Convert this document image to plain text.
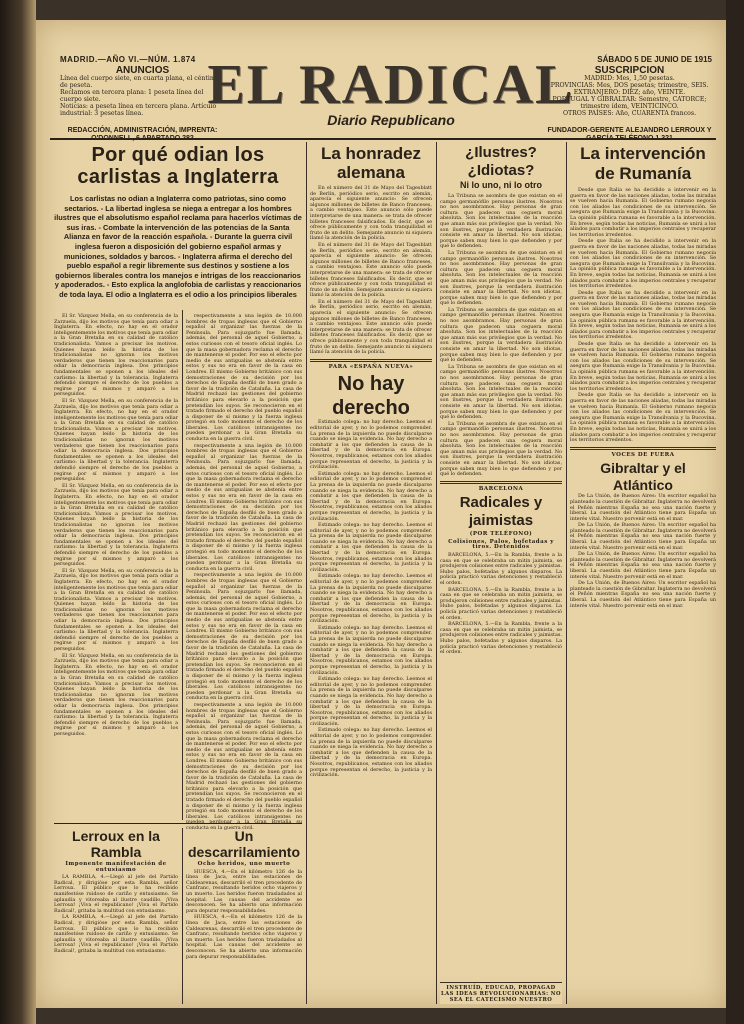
MADRID.—AÑO VI.—NÚM. 1.874
ANUNCIOS
Línea del cuerpo siete, en cuarta plana, el céntimos de peseta.
Reclamos en tercera plana: 1 peseta línea del cuerpo siete.
Noticias: a peseta línea en tercera plana. Artículo industrial: 3 pesetas línea.
REDACCIÓN, ADMINISTRACIÓN, IMPRENTA: O'DONNELL, 6 APARTADO 282
EL RADICAL
Diario Republicano
SÁBADO 5 DE JUNIO DE 1915
SUSCRIPCION
MADRID: Mes, 1,50 pesetas.
PROVINCIAS: Mes, DOS pesetas; trimestre, SEIS.
EXTRANJERO: DIEZ; año, VEINTE.
PORTUGAL Y GIBRALTAR: Semestre, CATORCE; trimestre ídem, VEINTICINCO.
OTROS PAÍSES: Año, CUARENTA francos.
FUNDADOR-GERENTE ALEJANDRO LERROUX Y GARCÍA TELÉFONO 1.321
Por qué odian los carlistas a Inglaterra
Los carlistas no odian a Inglaterra como patriotas, sino como sectarios. - La libertad inglesa se niega a entregar a los hombres ilustres que el absolutismo español reclama para hacerlos víctimas de sus iras. - Combate la intervención de las potencias de la Santa Alianza en favor de la reacción española. - Durante la guerra civil inglesa fueron a disposición del gobierno español armas y municiones, soldados y barcos. - Inglaterra afirma el derecho del pueblo español a regir libremente sus destinos y sostiene a los gobiernos liberales contra los manejos e intrigas de los reaccionarios y apoderados. - Esto explica la anglofobia de carlistas y reaccionarios de toda laya. El odio a Inglaterra es el odio a los principios liberales

El Sr. Vázquez Mella, en su conferencia de la Zarzuela, dijo los motivos que tenía para odiar a Inglaterra. En efecto, no hay en el orador inteligentemente los motivos que tenía para odiar a la Gran Bretaña en su calidad de católico tradicionalista. Vamos a precisar los motivos. Quienes hayan leído la historia de los tradicionalistas no ignoran los motivos verdaderos que tienen los reaccionarios para odiar la democracia inglesa. Dos principios fundamentales se oponen a los ideales del carlismo: la libertad y la tolerancia. Inglaterra defendió siempre el derecho de los pueblos a regirse por sí mismos y amparó a los perseguidos.

El Sr. Vázquez Mella, en su conferencia de la Zarzuela, dijo los motivos que tenía para odiar a Inglaterra. En efecto, no hay en el orador inteligentemente los motivos que tenía para odiar a la Gran Bretaña en su calidad de católico tradicionalista. Vamos a precisar los motivos. Quienes hayan leído la historia de los tradicionalistas no ignoran los motivos verdaderos que tienen los reaccionarios para odiar la democracia inglesa. Dos principios fundamentales se oponen a los ideales del carlismo: la libertad y la tolerancia. Inglaterra defendió siempre el derecho de los pueblos a regirse por sí mismos y amparó a los perseguidos.

El Sr. Vázquez Mella, en su conferencia de la Zarzuela, dijo los motivos que tenía para odiar a Inglaterra. En efecto, no hay en el orador inteligentemente los motivos que tenía para odiar a la Gran Bretaña en su calidad de católico tradicionalista. Vamos a precisar los motivos. Quienes hayan leído la historia de los tradicionalistas no ignoran los motivos verdaderos que tienen los reaccionarios para odiar la democracia inglesa. Dos principios fundamentales se oponen a los ideales del carlismo: la libertad y la tolerancia. Inglaterra defendió siempre el derecho de los pueblos a regirse por sí mismos y amparó a los perseguidos.

El Sr. Vázquez Mella, en su conferencia de la Zarzuela, dijo los motivos que tenía para odiar a Inglaterra. En efecto, no hay en el orador inteligentemente los motivos que tenía para odiar a la Gran Bretaña en su calidad de católico tradicionalista. Vamos a precisar los motivos. Quienes hayan leído la historia de los tradicionalistas no ignoran los motivos verdaderos que tienen los reaccionarios para odiar la democracia inglesa. Dos principios fundamentales se oponen a los ideales del carlismo: la libertad y la tolerancia. Inglaterra defendió siempre el derecho de los pueblos a regirse por sí mismos y amparó a los perseguidos.

El Sr. Vázquez Mella, en su conferencia de la Zarzuela, dijo los motivos que tenía para odiar a Inglaterra. En efecto, no hay en el orador inteligentemente los motivos que tenía para odiar a la Gran Bretaña en su calidad de católico tradicionalista. Vamos a precisar los motivos. Quienes hayan leído la historia de los tradicionalistas no ignoran los motivos verdaderos que tienen los reaccionarios para odiar la democracia inglesa. Dos principios fundamentales se oponen a los ideales del carlismo: la libertad y la tolerancia. Inglaterra defendió siempre el derecho de los pueblos a regirse por sí mismos y amparó a los perseguidos.

respectivamente a una legión de 10.000 hombres de tropas inglesas que el Gobierno español al organizar las fuerzas de la Península. Para sojuzgarlo fue llamada, además, del personal de aquel Gobierno, a estos curiosos con el tesoro oficial inglés. Lo que la masa gobernadora reclama el derecho de mantenerse el poder. Por eso el efecto por medio de sus antigualias se abstenía entre estos y sus no era en favor de la casa en Londres. El mismo Gobierno británico con sus demostraciones de su decisión por los derechos de España desfiló de buen grado a favor de la tradición de Cataluña. La casa de Madrid rechazó las gestiones del gobierno británico para elevarlo a la posición que pretendían los suyos. Se reconocieron en el tratado firmado el derecho del pueblo español a disponer de sí mismo y la fuerza inglesa protegió en todo momento el derecho de los liberales. Los católicos intransigentes no pueden perdonar a la Gran Bretaña su conducta en la guerra civil.

respectivamente a una legión de 10.000 hombres de tropas inglesas que el Gobierno español al organizar las fuerzas de la Península. Para sojuzgarlo fue llamada, además, del personal de aquel Gobierno, a estos curiosos con el tesoro oficial inglés. Lo que la masa gobernadora reclama el derecho de mantenerse el poder. Por eso el efecto por medio de sus antigualias se abstenía entre estos y sus no era en favor de la casa en Londres. El mismo Gobierno británico con sus demostraciones de su decisión por los derechos de España desfiló de buen grado a favor de la tradición de Cataluña. La casa de Madrid rechazó las gestiones del gobierno británico para elevarlo a la posición que pretendían los suyos. Se reconocieron en el tratado firmado el derecho del pueblo español a disponer de sí mismo y la fuerza inglesa protegió en todo momento el derecho de los liberales. Los católicos intransigentes no pueden perdonar a la Gran Bretaña su conducta en la guerra civil.

respectivamente a una legión de 10.000 hombres de tropas inglesas que el Gobierno español al organizar las fuerzas de la Península. Para sojuzgarlo fue llamada, además, del personal de aquel Gobierno, a estos curiosos con el tesoro oficial inglés. Lo que la masa gobernadora reclama el derecho de mantenerse el poder. Por eso el efecto por medio de sus antigualias se abstenía entre estos y sus no era en favor de la casa en Londres. El mismo Gobierno británico con sus demostraciones de su decisión por los derechos de España desfiló de buen grado a favor de la tradición de Cataluña. La casa de Madrid rechazó las gestiones del gobierno británico para elevarlo a la posición que pretendían los suyos. Se reconocieron en el tratado firmado el derecho del pueblo español a disponer de sí mismo y la fuerza inglesa protegió en todo momento el derecho de los liberales. Los católicos intransigentes no pueden perdonar a la Gran Bretaña su conducta en la guerra civil.

respectivamente a una legión de 10.000 hombres de tropas inglesas que el Gobierno español al organizar las fuerzas de la Península. Para sojuzgarlo fue llamada, además, del personal de aquel Gobierno, a estos curiosos con el tesoro oficial inglés. Lo que la masa gobernadora reclama el derecho de mantenerse el poder. Por eso el efecto por medio de sus antigualias se abstenía entre estos y sus no era en favor de la casa en Londres. El mismo Gobierno británico con sus demostraciones de su decisión por los derechos de España desfiló de buen grado a favor de la tradición de Cataluña. La casa de Madrid rechazó las gestiones del gobierno británico para elevarlo a la posición que pretendían los suyos. Se reconocieron en el tratado firmado el derecho del pueblo español a disponer de sí mismo y la fuerza inglesa protegió en todo momento el derecho de los liberales. Los católicos intransigentes no pueden perdonar a la Gran Bretaña su conducta en la guerra civil.

Lerroux en la Rambla
Imponente manifestación de entusiasmo

LA RAMBLA, 4.—Llegó al jefe del Partido Radical, y dirigióse por esta Rambla, señor Lerroux. El público que lo ha recibido manifestóse ruidoso de cariño y entusiasmo. Se aplaudía y vitoreaba al ilustre caudillo. ¡Viva Lerroux! ¡Viva el republicano! ¡Viva el Partido Radical!, gritaba la multitud con entusiasmo.

LA RAMBLA, 4.—Llegó al jefe del Partido Radical, y dirigióse por esta Rambla, señor Lerroux. El público que lo ha recibido manifestóse ruidoso de cariño y entusiasmo. Se aplaudía y vitoreaba al ilustre caudillo. ¡Viva Lerroux! ¡Viva el republicano! ¡Viva el Partido Radical!, gritaba la multitud con entusiasmo.

Un descarrilamiento
Ocho heridos, uno muerto

HUESCA, 4.—En el kilómetro 126 de la línea de Jaca, entre las estaciones de Caldearenas, descarriló el tren procedente de Canfranc, resultando heridos ocho viajeros y un muerto. Los heridos fueron trasladados al hospital. Las causas del accidente se desconocen. Se ha abierto una información para depurar responsabilidades.

HUESCA, 4.—En el kilómetro 126 de la línea de Jaca, entre las estaciones de Caldearenas, descarriló el tren procedente de Canfranc, resultando heridos ocho viajeros y un muerto. Los heridos fueron trasladados al hospital. Las causas del accidente se desconocen. Se ha abierto una información para depurar responsabilidades.

La honradez alemana

En el número del 31 de Mayo del Tagesblatt de Berlín, periódico serio, escrito en alemán, aparecía el siguiente anuncio: Se ofrecen algunos millones de billetes de Banco franceses, a cambio ventajoso. Este anuncio sólo puede interpretarse de una manera: se trata de ofrecer billetes franceses falsificados. Es decir, que se ofrece públicamente y con toda tranquilidad el fruto de un delito. Semejante anuncio ni siquiera llamó la atención de la policía.

En el número del 31 de Mayo del Tagesblatt de Berlín, periódico serio, escrito en alemán, aparecía el siguiente anuncio: Se ofrecen algunos millones de billetes de Banco franceses, a cambio ventajoso. Este anuncio sólo puede interpretarse de una manera: se trata de ofrecer billetes franceses falsificados. Es decir, que se ofrece públicamente y con toda tranquilidad el fruto de un delito. Semejante anuncio ni siquiera llamó la atención de la policía.

En el número del 31 de Mayo del Tagesblatt de Berlín, periódico serio, escrito en alemán, aparecía el siguiente anuncio: Se ofrecen algunos millones de billetes de Banco franceses, a cambio ventajoso. Este anuncio sólo puede interpretarse de una manera: se trata de ofrecer billetes franceses falsificados. Es decir, que se ofrece públicamente y con toda tranquilidad el fruto de un delito. Semejante anuncio ni siquiera llamó la atención de la policía.

PARA «ESPAÑA NUEVA»
No hay derecho

Estimado colega: no hay derecho. Leemos el editorial de ayer, y no lo podemos comprender. La prensa de la izquierda no puede disculparse cuando se niega la evidencia. No hay derecho a combatir a los que defienden la causa de la libertad y de la democracia en Europa. Nosotros, republicanos, estamos con los aliados porque representan el derecho, la justicia y la civilización.

Estimado colega: no hay derecho. Leemos el editorial de ayer, y no lo podemos comprender. La prensa de la izquierda no puede disculparse cuando se niega la evidencia. No hay derecho a combatir a los que defienden la causa de la libertad y de la democracia en Europa. Nosotros, republicanos, estamos con los aliados porque representan el derecho, la justicia y la civilización.

Estimado colega: no hay derecho. Leemos el editorial de ayer, y no lo podemos comprender. La prensa de la izquierda no puede disculparse cuando se niega la evidencia. No hay derecho a combatir a los que defienden la causa de la libertad y de la democracia en Europa. Nosotros, republicanos, estamos con los aliados porque representan el derecho, la justicia y la civilización.

Estimado colega: no hay derecho. Leemos el editorial de ayer, y no lo podemos comprender. La prensa de la izquierda no puede disculparse cuando se niega la evidencia. No hay derecho a combatir a los que defienden la causa de la libertad y de la democracia en Europa. Nosotros, republicanos, estamos con los aliados porque representan el derecho, la justicia y la civilización.

Estimado colega: no hay derecho. Leemos el editorial de ayer, y no lo podemos comprender. La prensa de la izquierda no puede disculparse cuando se niega la evidencia. No hay derecho a combatir a los que defienden la causa de la libertad y de la democracia en Europa. Nosotros, republicanos, estamos con los aliados porque representan el derecho, la justicia y la civilización.

Estimado colega: no hay derecho. Leemos el editorial de ayer, y no lo podemos comprender. La prensa de la izquierda no puede disculparse cuando se niega la evidencia. No hay derecho a combatir a los que defienden la causa de la libertad y de la democracia en Europa. Nosotros, republicanos, estamos con los aliados porque representan el derecho, la justicia y la civilización.

Estimado colega: no hay derecho. Leemos el editorial de ayer, y no lo podemos comprender. La prensa de la izquierda no puede disculparse cuando se niega la evidencia. No hay derecho a combatir a los que defienden la causa de la libertad y de la democracia en Europa. Nosotros, republicanos, estamos con los aliados porque representan el derecho, la justicia y la civilización.

¿Ilustres? ¿Idiotas?
Ni lo uno, ni lo otro

La Tribuna se asombra de que existan en el campo germanófilo personas ilustres. Nosotros no nos asombramos. Hay personas de gran cultura que padecen una ceguera moral absoluta. Son los intelectuales de la reacción que aman más sus privilegios que la verdad. No son ilustres, porque la verdadera ilustración consiste en amar la libertad. No son idiotas, porque saben muy bien lo que defienden y por qué lo defienden.

La Tribuna se asombra de que existan en el campo germanófilo personas ilustres. Nosotros no nos asombramos. Hay personas de gran cultura que padecen una ceguera moral absoluta. Son los intelectuales de la reacción que aman más sus privilegios que la verdad. No son ilustres, porque la verdadera ilustración consiste en amar la libertad. No son idiotas, porque saben muy bien lo que defienden y por qué lo defienden.

La Tribuna se asombra de que existan en el campo germanófilo personas ilustres. Nosotros no nos asombramos. Hay personas de gran cultura que padecen una ceguera moral absoluta. Son los intelectuales de la reacción que aman más sus privilegios que la verdad. No son ilustres, porque la verdadera ilustración consiste en amar la libertad. No son idiotas, porque saben muy bien lo que defienden y por qué lo defienden.

La Tribuna se asombra de que existan en el campo germanófilo personas ilustres. Nosotros no nos asombramos. Hay personas de gran cultura que padecen una ceguera moral absoluta. Son los intelectuales de la reacción que aman más sus privilegios que la verdad. No son ilustres, porque la verdadera ilustración consiste en amar la libertad. No son idiotas, porque saben muy bien lo que defienden y por qué lo defienden.

La Tribuna se asombra de que existan en el campo germanófilo personas ilustres. Nosotros no nos asombramos. Hay personas de gran cultura que padecen una ceguera moral absoluta. Son los intelectuales de la reacción que aman más sus privilegios que la verdad. No son ilustres, porque la verdadera ilustración consiste en amar la libertad. No son idiotas, porque saben muy bien lo que defienden y por qué lo defienden.

BARCELONA
Radicales y jaimistas
(POR TELÉFONO)
Colisiones, Palos, bofetadas y tiros. Detenidos

BARCELONA, 5.—En la Rambla, frente a la casa en que se celebraba un mitin jaimista, se produjeron colisiones entre radicales y jaimistas. Hubo palos, bofetadas y algunos disparos. La policía practicó varias detenciones y restableció el orden.

BARCELONA, 5.—En la Rambla, frente a la casa en que se celebraba un mitin jaimista, se produjeron colisiones entre radicales y jaimistas. Hubo palos, bofetadas y algunos disparos. La policía practicó varias detenciones y restableció el orden.

BARCELONA, 5.—En la Rambla, frente a la casa en que se celebraba un mitin jaimista, se produjeron colisiones entre radicales y jaimistas. Hubo palos, bofetadas y algunos disparos. La policía practicó varias detenciones y restableció el orden.

INSTRUÍD, EDUCAD, PROPAGAD LAS IDEAS REVOLUCIONARIAS: NO SEA EL CATECISMO NUESTRO
La intervención de Rumanía

Desde que Italia se ha decidido a intervenir en la guerra en favor de las naciones aliadas, todas las miradas se vuelven hacia Rumanía. El Gobierno rumano negocia con los aliados las condiciones de su intervención. Se asegura que Rumanía exige la Transilvania y la Bucovina. La opinión pública rumana es favorable a la intervención. En breve, según todas las noticias, Rumanía se unirá a los aliados para combatir a los imperios centrales y recuperar los territorios irredentos.

Desde que Italia se ha decidido a intervenir en la guerra en favor de las naciones aliadas, todas las miradas se vuelven hacia Rumanía. El Gobierno rumano negocia con los aliados las condiciones de su intervención. Se asegura que Rumanía exige la Transilvania y la Bucovina. La opinión pública rumana es favorable a la intervención. En breve, según todas las noticias, Rumanía se unirá a los aliados para combatir a los imperios centrales y recuperar los territorios irredentos.

Desde que Italia se ha decidido a intervenir en la guerra en favor de las naciones aliadas, todas las miradas se vuelven hacia Rumanía. El Gobierno rumano negocia con los aliados las condiciones de su intervención. Se asegura que Rumanía exige la Transilvania y la Bucovina. La opinión pública rumana es favorable a la intervención. En breve, según todas las noticias, Rumanía se unirá a los aliados para combatir a los imperios centrales y recuperar los territorios irredentos.

Desde que Italia se ha decidido a intervenir en la guerra en favor de las naciones aliadas, todas las miradas se vuelven hacia Rumanía. El Gobierno rumano negocia con los aliados las condiciones de su intervención. Se asegura que Rumanía exige la Transilvania y la Bucovina. La opinión pública rumana es favorable a la intervención. En breve, según todas las noticias, Rumanía se unirá a los aliados para combatir a los imperios centrales y recuperar los territorios irredentos.

Desde que Italia se ha decidido a intervenir en la guerra en favor de las naciones aliadas, todas las miradas se vuelven hacia Rumanía. El Gobierno rumano negocia con los aliados las condiciones de su intervención. Se asegura que Rumanía exige la Transilvania y la Bucovina. La opinión pública rumana es favorable a la intervención. En breve, según todas las noticias, Rumanía se unirá a los aliados para combatir a los imperios centrales y recuperar los territorios irredentos.

VOCES DE FUERA
Gibraltar y el Atlántico

De La Unión, de Buenos Aires: Un escritor español ha planteado la cuestión de Gibraltar. Inglaterra no devolverá el Peñón mientras España no sea una nación fuerte y liberal. La cuestión del Atlántico tiene para España un interés vital. Nuestro porvenir está en el mar.

De La Unión, de Buenos Aires: Un escritor español ha planteado la cuestión de Gibraltar. Inglaterra no devolverá el Peñón mientras España no sea una nación fuerte y liberal. La cuestión del Atlántico tiene para España un interés vital. Nuestro porvenir está en el mar.

De La Unión, de Buenos Aires: Un escritor español ha planteado la cuestión de Gibraltar. Inglaterra no devolverá el Peñón mientras España no sea una nación fuerte y liberal. La cuestión del Atlántico tiene para España un interés vital. Nuestro porvenir está en el mar.

De La Unión, de Buenos Aires: Un escritor español ha planteado la cuestión de Gibraltar. Inglaterra no devolverá el Peñón mientras España no sea una nación fuerte y liberal. La cuestión del Atlántico tiene para España un interés vital. Nuestro porvenir está en el mar.
